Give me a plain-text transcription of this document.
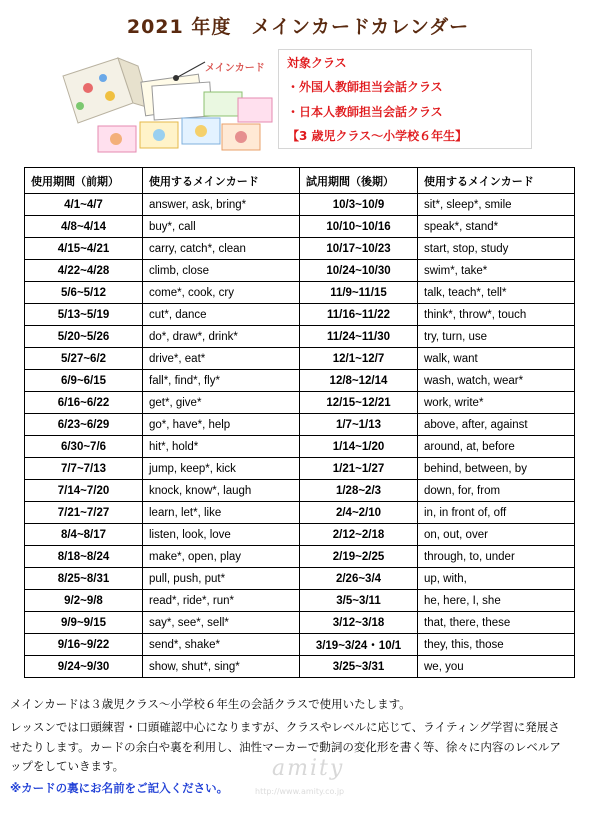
2021 年度　メインカードカレンダー
メインカード 対象クラス
・外国人教師担当会話クラス
・日本人教師担当会話クラス
【3 歳児クラス～小学校６年生】
使用期間（前期）	使用するメインカード	試用期間（後期）	使用するメインカード
4/1~4/7	answer, ask, bring*	10/3~10/9	sit*, sleep*, smile
4/8~4/14	buy*, call	10/10~10/16	speak*, stand*
4/15~4/21	carry, catch*, clean	10/17~10/23	start, stop, study
4/22~4/28	climb, close	10/24~10/30	swim*, take*
5/6~5/12	come*, cook, cry	11/9~11/15	talk, teach*, tell*
5/13~5/19	cut*, dance	11/16~11/22	think*, throw*, touch
5/20~5/26	do*, draw*, drink*	11/24~11/30	try, turn, use
5/27~6/2	drive*, eat*	12/1~12/7	walk, want
6/9~6/15	fall*, find*, fly*	12/8~12/14	wash, watch, wear*
6/16~6/22	get*, give*	12/15~12/21	work, write*
6/23~6/29	go*, have*, help	1/7~1/13	above, after, against
6/30~7/6	hit*, hold*	1/14~1/20	around, at, before
7/7~7/13	jump, keep*, kick	1/21~1/27	behind, between, by
7/14~7/20	knock, know*, laugh	1/28~2/3	down, for, from
7/21~7/27	learn, let*, like	2/4~2/10	in, in front of, off
8/4~8/17	listen, look, love	2/12~2/18	on, out, over
8/18~8/24	make*, open, play	2/19~2/25	through, to, under
8/25~8/31	pull, push, put*	2/26~3/4	up, with,
9/2~9/8	read*, ride*, run*	3/5~3/11	he, here, I, she
9/9~9/15	say*, see*, sell*	3/12~3/18	that, there, these
9/16~9/22	send*, shake*	3/19~3/24・10/1	they, this, those
9/24~9/30	show, shut*, sing*	3/25~3/31	we, you
メインカードは３歳児クラス～小学校６年生の会話クラスで使用いたします。
レッスンでは口頭練習・口頭確認中心になりますが、クラスやレベルに応じて、ライティング学習に発展さ
せたりします。カードの余白や裏を利用し、油性マーカーで動詞の変化形を書く等、徐々に内容のレベルア
ップをしていきます。
※カードの裏にお名前をご記入ください。
amity
http://www.amity.co.jp
